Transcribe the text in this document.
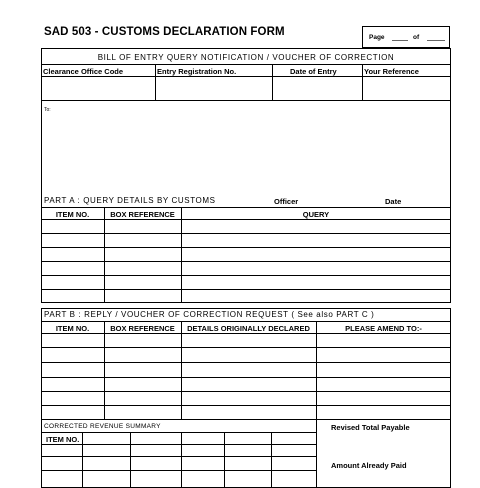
SAD 503 - CUSTOMS DECLARATION FORM	Page	of
BILL OF ENTRY QUERY NOTIFICATION / VOUCHER OF CORRECTION
Clearance Office Code	Entry Registration No.	Date of Entry	Your Reference
To:
PART A : QUERY DETAILS BY CUSTOMS	Officer	Date
ITEM NO.	BOX REFERENCE	QUERY
PART B : REPLY / VOUCHER OF CORRECTION REQUEST ( See also PART C )
ITEM NO.	BOX REFERENCE	DETAILS ORIGINALLY DECLARED	PLEASE AMEND TO:-
CORRECTED REVENUE SUMMARY
ITEM NO.
Revised Total Payable
Amount Already Paid
